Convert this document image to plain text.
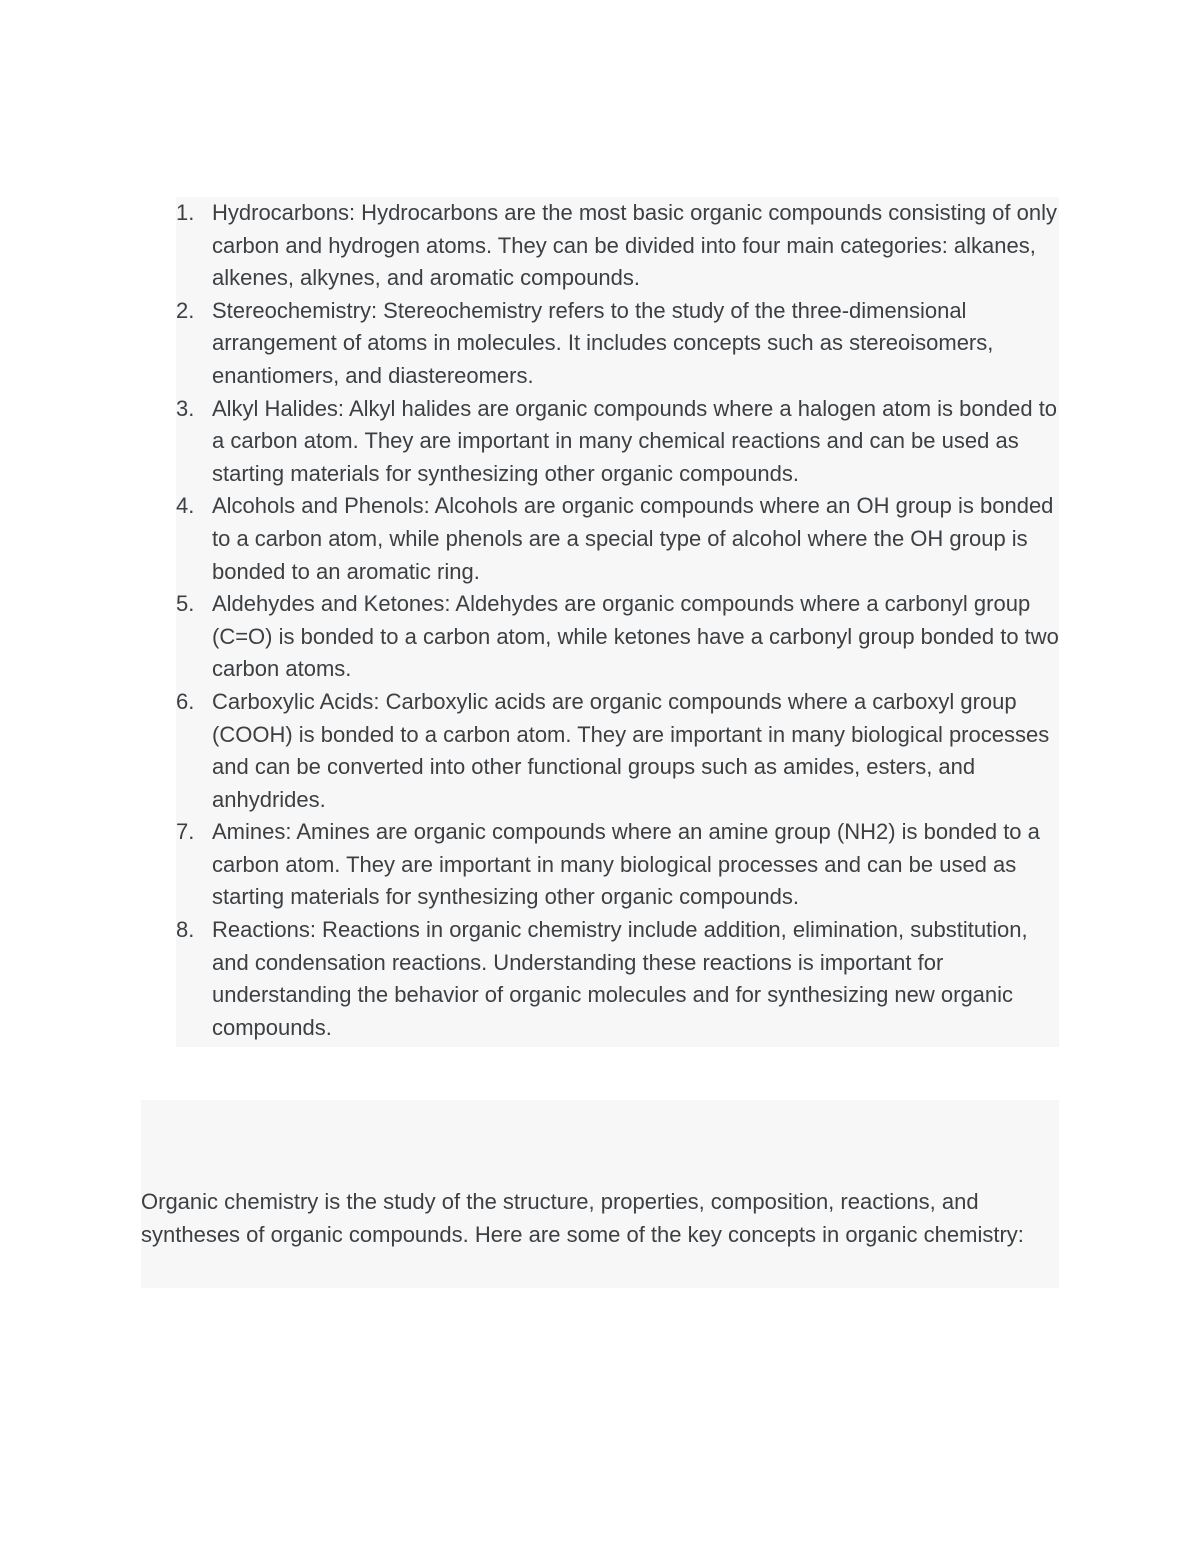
1. Hydrocarbons: Hydrocarbons are the most basic organic compounds consisting of only carbon and hydrogen atoms. They can be divided into four main categories: alkanes, alkenes, alkynes, and aromatic compounds.
2. Stereochemistry: Stereochemistry refers to the study of the three-dimensional arrangement of atoms in molecules. It includes concepts such as stereoisomers, enantiomers, and diastereomers.
3. Alkyl Halides: Alkyl halides are organic compounds where a halogen atom is bonded to a carbon atom. They are important in many chemical reactions and can be used as starting materials for synthesizing other organic compounds.
4. Alcohols and Phenols: Alcohols are organic compounds where an OH group is bonded to a carbon atom, while phenols are a special type of alcohol where the OH group is bonded to an aromatic ring.
5. Aldehydes and Ketones: Aldehydes are organic compounds where a carbonyl group (C=O) is bonded to a carbon atom, while ketones have a carbonyl group bonded to two carbon atoms.
6. Carboxylic Acids: Carboxylic acids are organic compounds where a carboxyl group (COOH) is bonded to a carbon atom. They are important in many biological processes and can be converted into other functional groups such as amides, esters, and anhydrides.
7. Amines: Amines are organic compounds where an amine group (NH2) is bonded to a carbon atom. They are important in many biological processes and can be used as starting materials for synthesizing other organic compounds.
8. Reactions: Reactions in organic chemistry include addition, elimination, substitution, and condensation reactions. Understanding these reactions is important for understanding the behavior of organic molecules and for synthesizing new organic compounds.

Organic chemistry is the study of the structure, properties, composition, reactions, and syntheses of organic compounds. Here are some of the key concepts in organic chemistry:
